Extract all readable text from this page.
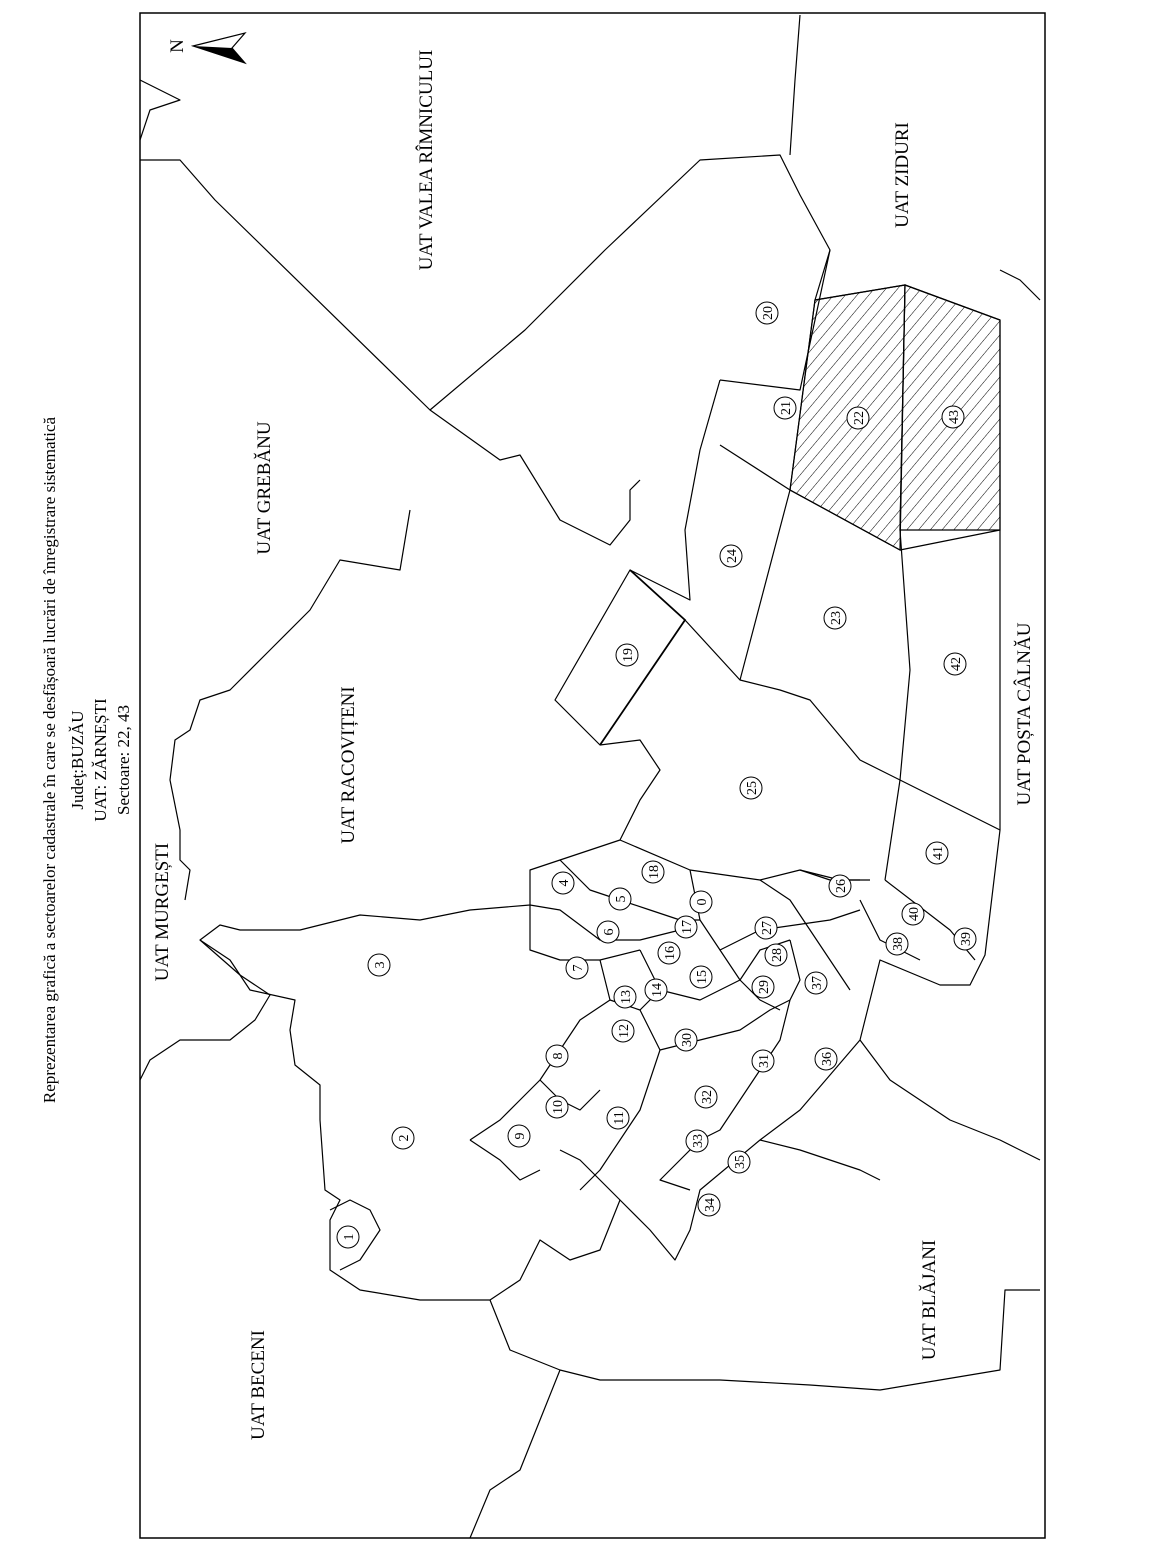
Reprezentarea grafică a sectoarelor cadastrale în care se desfășoară lucrări de înregistrare sistematică Judeţ:BUZĂU UAT: ZĂRNEȘTI Sectoare: 22, 43
N
UAT VALEA RÎMNICULUI	UAT ZIDURI
UAT GREBĂNU
UAT RACOVIȚENI
UAT MURGEȘTI
UAT POȘTA CÂLNĂU
UAT BLĂJANI
UAT BECENI
0
1
2
3
4
5
6
7
8
9
10
11
12
13 14
15
16
17
18
19
20
21
22
23
24
25
26
27
28
29
30
31
32
33
34
35
36
37
38	39
40
41
42
43
